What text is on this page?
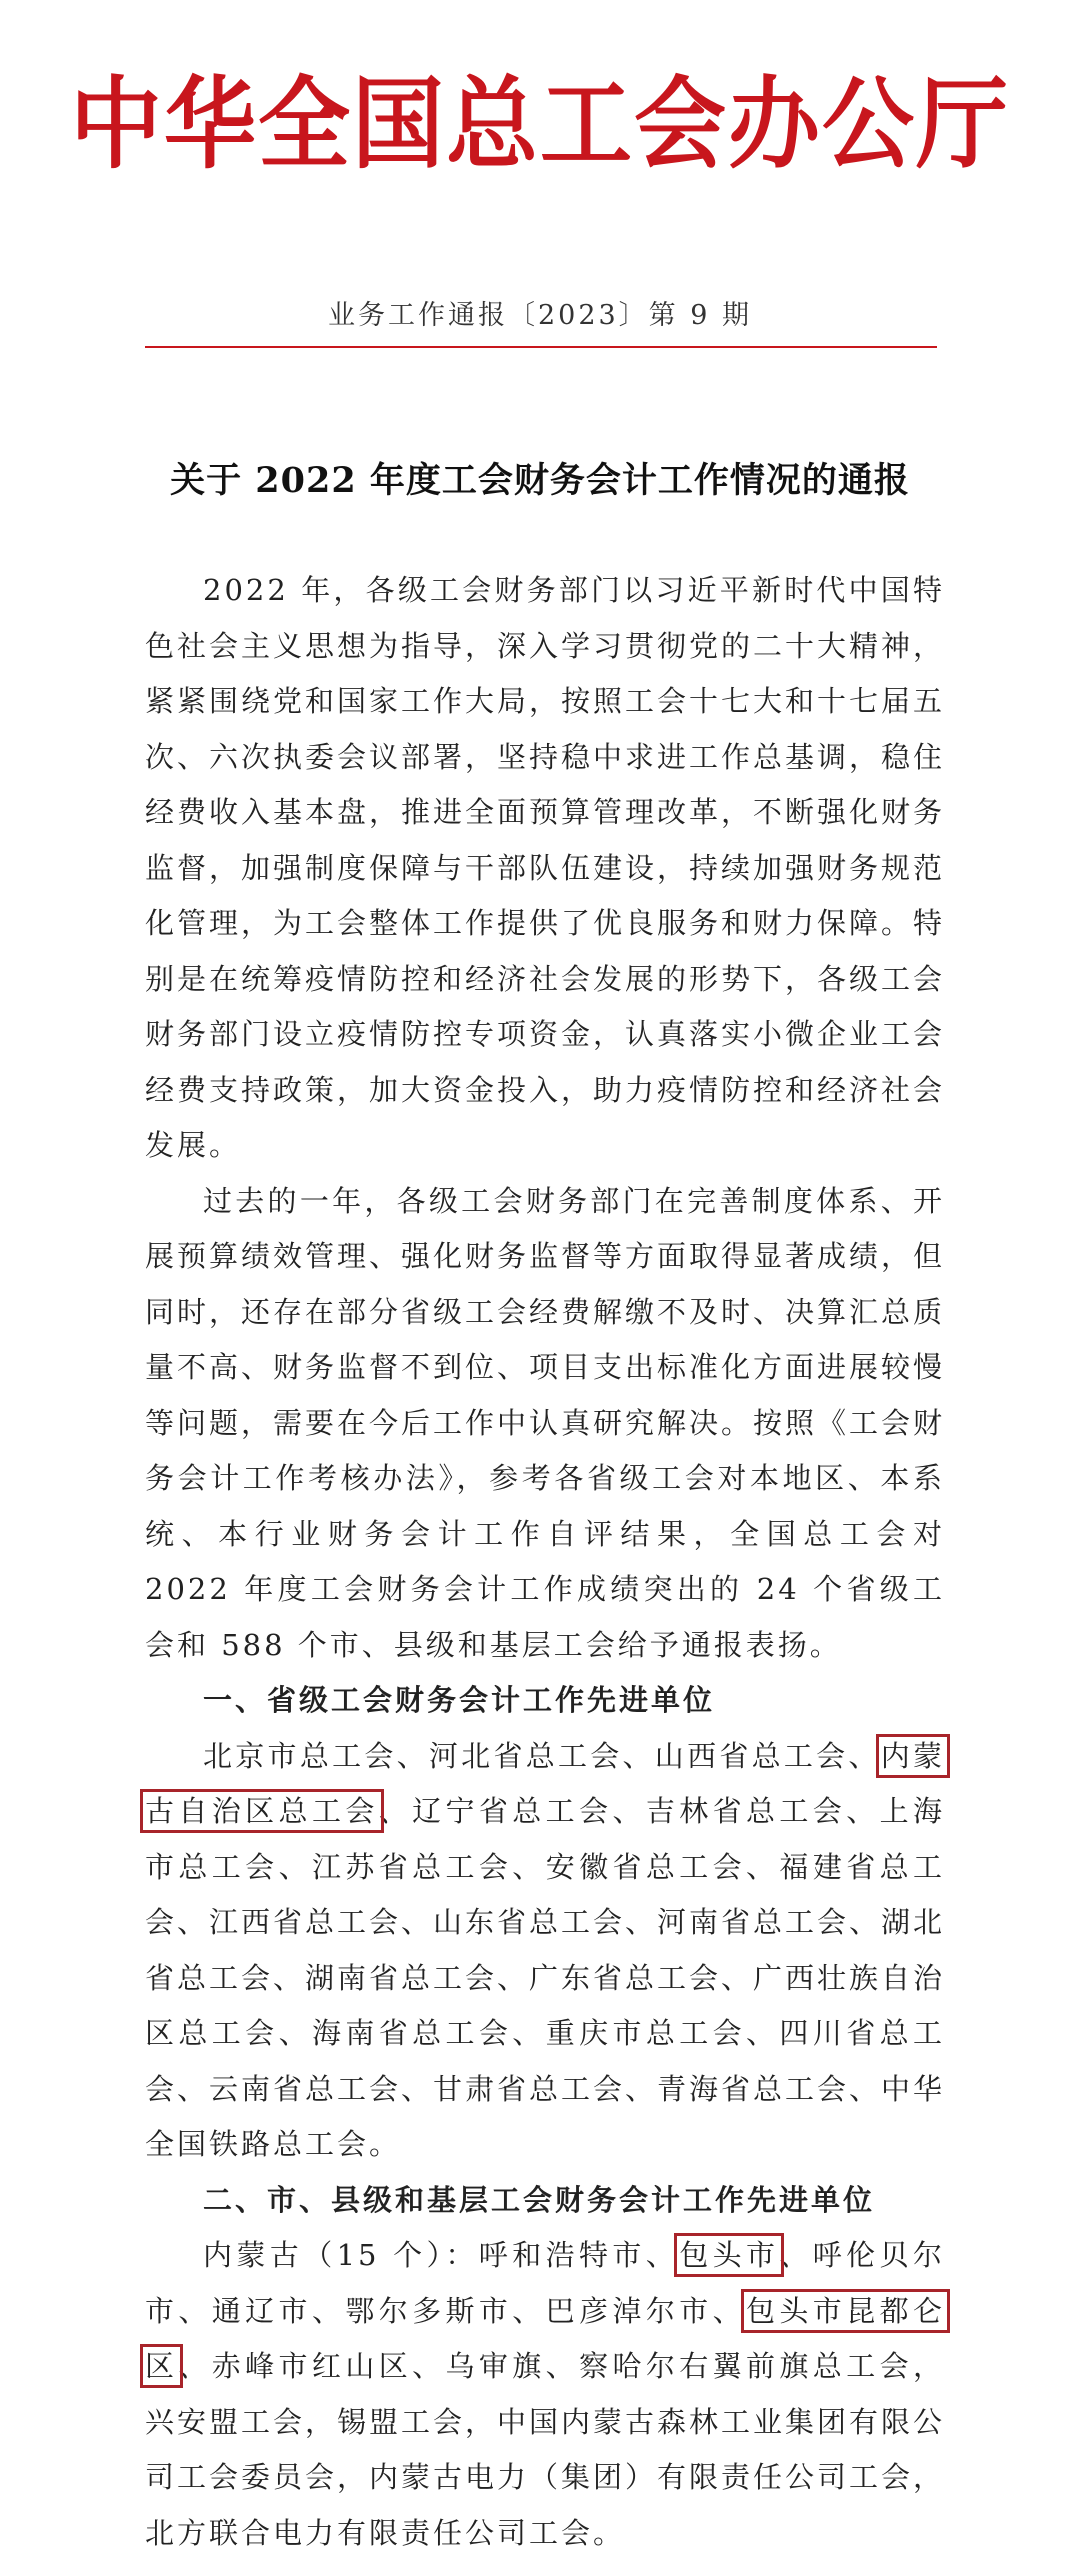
中华全国总工会办公厅
业务工作通报〔2023〕第 9 期
关于 2022 年度工会财务会计工作情况的通报

2022 年，各级工会财务部门以习近平新时代中国特色社会主义思想为指导，深入学习贯彻党的二十大精神，紧紧围绕党和国家工作大局，按照工会十七大和十七届五次、六次执委会议部署，坚持稳中求进工作总基调，稳住经费收入基本盘，推进全面预算管理改革，不断强化财务监督，加强制度保障与干部队伍建设，持续加强财务规范化管理，为工会整体工作提供了优良服务和财力保障。特别是在统筹疫情防控和经济社会发展的形势下，各级工会财务部门设立疫情防控专项资金，认真落实小微企业工会经费支持政策，加大资金投入，助力疫情防控和经济社会发展。

过去的一年，各级工会财务部门在完善制度体系、开展预算绩效管理、强化财务监督等方面取得显著成绩，但同时，还存在部分省级工会经费解缴不及时、决算汇总质量不高、财务监督不到位、项目支出标准化方面进展较慢等问题，需要在今后工作中认真研究解决。按照《工会财务会计工作考核办法》，参考各省级工会对本地区、本系统、本行业财务会计工作自评结果，全国总工会对 2022 年度工会财务会计工作成绩突出的 24 个省级工会和 588 个市、县级和基层工会给予通报表扬。

一、省级工会财务会计工作先进单位

北京市总工会、河北省总工会、山西省总工会、内蒙古自治区总工会、辽宁省总工会、吉林省总工会、上海市总工会、江苏省总工会、安徽省总工会、福建省总工会、江西省总工会、山东省总工会、河南省总工会、湖北省总工会、湖南省总工会、广东省总工会、广西壮族自治区总工会、海南省总工会、重庆市总工会、四川省总工会、云南省总工会、甘肃省总工会、青海省总工会、中华全国铁路总工会。

二、市、县级和基层工会财务会计工作先进单位

内蒙古（15 个）：呼和浩特市、包头市、呼伦贝尔市、通辽市、鄂尔多斯市、巴彦淖尔市、包头市昆都仑区、赤峰市红山区、乌审旗、察哈尔右翼前旗总工会，兴安盟工会，锡盟工会，中国内蒙古森林工业集团有限公司工会委员会，内蒙古电力（集团）有限责任公司工会，北方联合电力有限责任公司工会。
